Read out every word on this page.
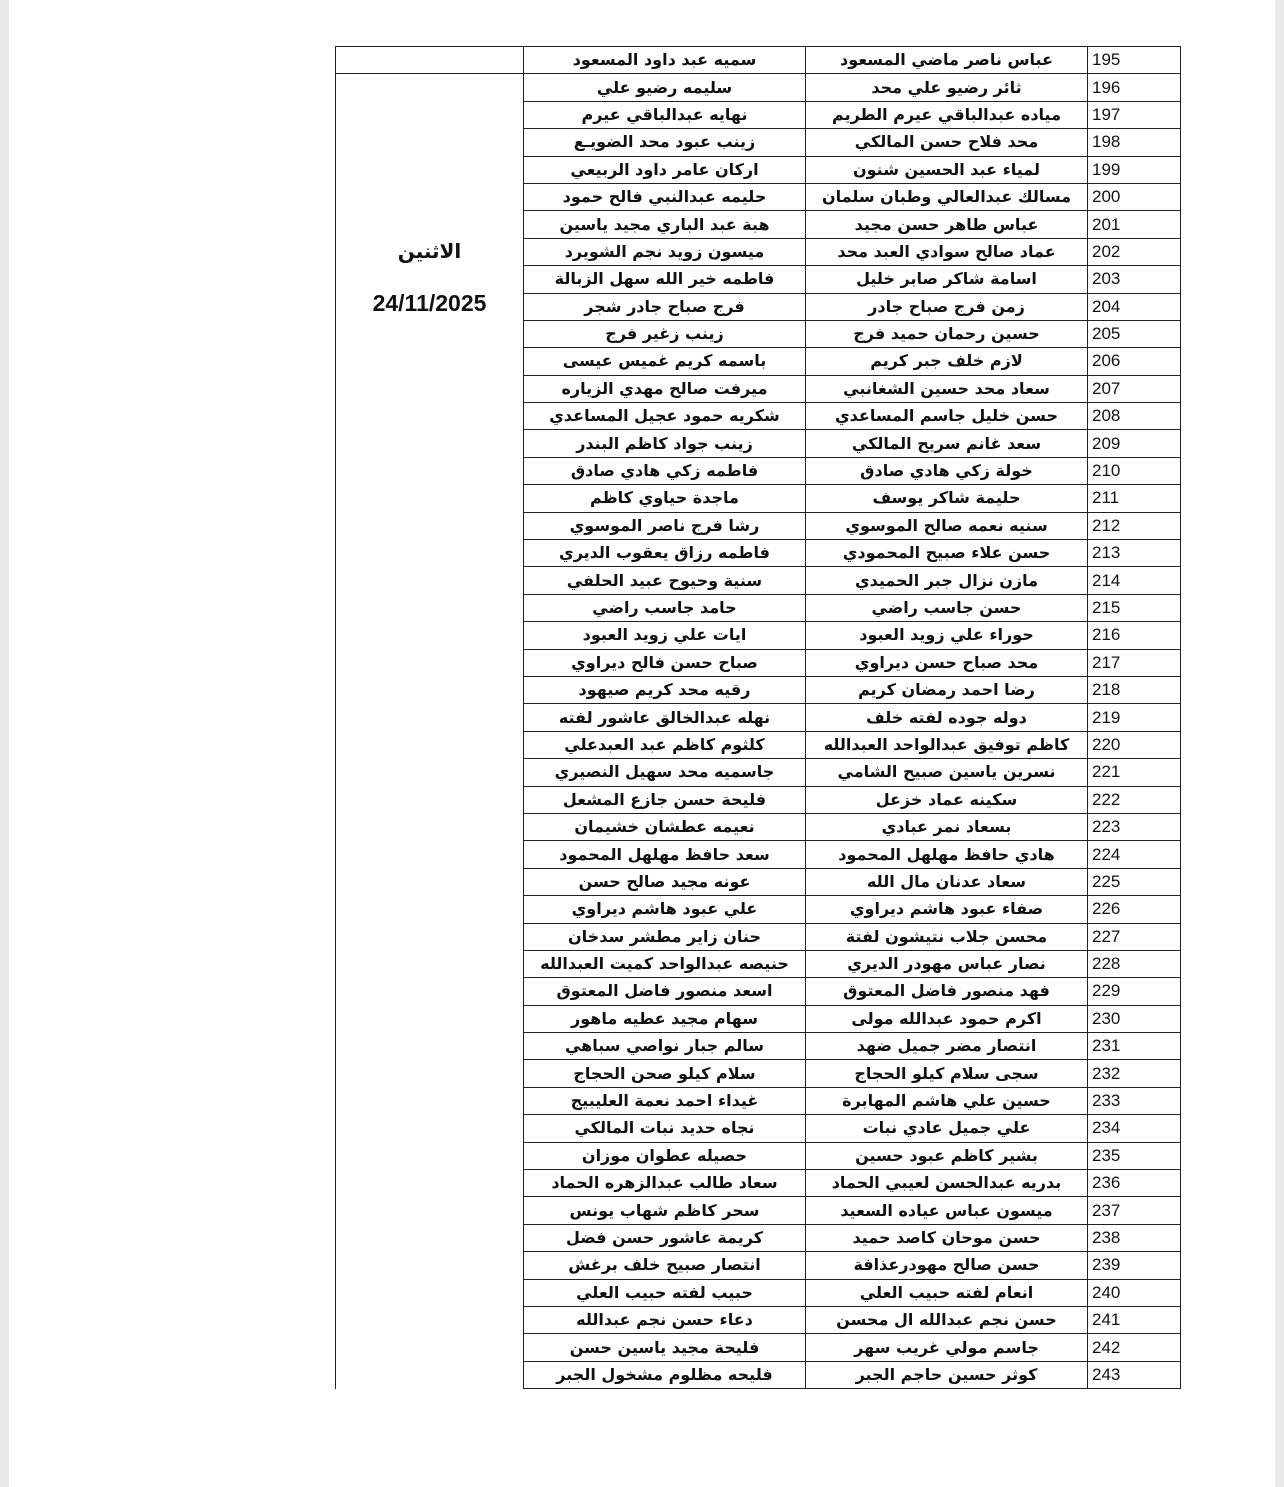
	سميه عبد داود المسعود	عباس ناصر ماضي المسعود	195

الاثنين
24/11/2025	سليمه رضيو علي	ثائر رضيو علي محد	196
	نهايه عبدالباقي عيرم	مياده عبدالباقي عيرم الطريم	197
	زينب عبود محد الضويـع	محد فلاح حسن المالكي	198
	اركان عامر داود الربيعي	لمياء عبد الحسين شنون	199
	حليمه عبدالنبي فالح حمود	مسالك عبدالعالي وطبان سلمان	200
	هبة عبد الباري مجيد ياسين	عباس طاهر حسن مجيد	201
	ميسون زويد نجم الشويرد	عماد صالح سوادي العبد محد	202
	فاطمه خير الله سهل الزبالة	اسامة شاكر صابر خليل	203
	فرج صباح جادر شجر	زمن فرج صباح جادر	204
	زينب زغير فرج	حسين رحمان حميد فرج	205
	باسمه كريم غميس عيسى	لازم خلف جبر كريم	206
	ميرفت صالح مهدي الزياره	سعاد محد حسين الشغانبي	207
	شكريه حمود عجيل المساعدي	حسن خليل جاسم المساعدي	208
	زينب جواد كاظم البندر	سعد غانم سريح المالكي	209
	فاطمه زكي هادي صادق	خولة زكي هادي صادق	210
	ماجدة حياوي كاظم	حليمة شاكر يوسف	211
	رشا فرج ناصر الموسوي	سنيه نعمه صالح الموسوي	212
	فاطمه رزاق يعقوب الديري	حسن علاء صبيح المحمودي	213
	سنية وحيوح عبيد الحلفي	مازن نزال جبر الحميدي	214
	حامد جاسب راضي	حسن جاسب راضي	215
	ايات علي زويد العبود	حوراء علي زويد العبود	216
	صباح حسن فالح ديراوي	محد صباح حسن ديراوي	217
	رقيه محد كريم صيهود	رضا احمد رمضان كريم	218
	نهله عبدالخالق عاشور لفته	دوله جوده لفته خلف	219
	كلثوم كاظم عبد العبدعلي	كاظم توفيق عبدالواحد العبدالله	220
	جاسميه محد سهيل النصيري	نسرين ياسين صبيح الشامي	221
	فليحة حسن جازع المشعل	سكينه عماد خزعل	222
	نعيمه عطشان خشيمان	بسعاد نمر عبادي	223
	سعد حافظ مهلهل المحمود	هادي حافظ مهلهل المحمود	224
	عونه مجيد صالح حسن	سعاد عدنان مال الله	225
	علي عبود هاشم ديراوي	صفاء عبود هاشم ديراوي	226
	حنان زاير مطشر سدخان	محسن جلاب نتيشون لفتة	227
	حنيصه عبدالواحد كميت العبدالله	نصار عباس مهودر الديري	228
	اسعد منصور فاضل المعتوق	فهد منصور فاضل المعتوق	229
	سهام مجيد عطيه ماهور	اكرم حمود عبدالله مولى	230
	سالم جبار نواصي سباهي	انتصار مضر جميل ضهد	231
	سلام كيلو صحن الحجاج	سجى سلام كيلو الحجاج	232
	غيداء احمد نعمة العليبيج	حسين علي هاشم المهابرة	233
	نجاه حديد نبات المالكي	علي جميل عادي نبات	234
	حصيله عطوان موزان	بشير كاظم عبود حسين	235
	سعاد طالب عبدالزهره الحماد	بدريه عبدالحسن لعيبي الحماد	236
	سحر كاظم شهاب يونس	ميسون عباس عياده السعيد	237
	كريمة عاشور حسن فضل	حسن موحان كاصد حميد	238
	انتصار صبيح خلف برغش	حسن صالح مهودرعذافة	239
	حبيب لفته حبيب العلي	انعام لفته حبيب العلي	240
	دعاء حسن نجم عبدالله	حسن نجم عبدالله ال محسن	241
	فليحة مجيد ياسين حسن	جاسم مولي غريب سهر	242
	فليحه مظلوم مشخول الجبر	كوثر حسين حاجم الجبر	243
